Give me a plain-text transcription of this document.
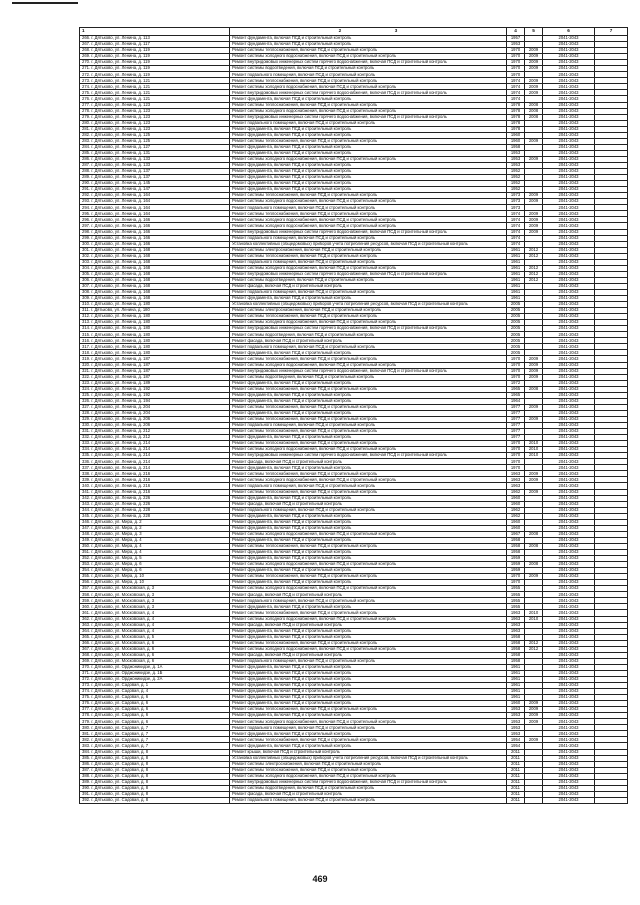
1	2 3	4	5	6	7
266. г. Дятьково, ул. Ленина, д. 113	Ремонт фундамента, включая ПСД и строительный контроль	1957		2041-2043	
267. г. Дятьково, ул. Ленина, д. 117	Ремонт фундамента, включая ПСД и строительный контроль	1953		2041-2043	
268. г. Дятьково, ул. Ленина, д. 119	Ремонт системы теплоснабжения, включая ПСД и строительный контроль	1970	2009	2041-2043	
269. г. Дятьково, ул. Ленина, д. 119	Ремонт системы холодного водоснабжения, включая ПСД и строительный контроль	1970	2009	2041-2043	
270. г. Дятьково, ул. Ленина, д. 119	Ремонт внутридомовых инженерных систем горячего водоснабжения, включая ПСД и строительный контроль	1970	2009	2041-2043	
271. г. Дятьково, ул. Ленина, д. 119	Ремонт системы водоотведения, включая ПСД и строительный контроль	1970	2009	2041-2043	
272. г. Дятьково, ул. Ленина, д. 119	Ремонт подвального помещения, включая ПСД и строительный контроль	1970		2041-2043	
273. г. Дятьково, ул. Ленина, д. 121	Ремонт системы теплоснабжения, включая ПСД и строительный контроль	1974	2009	2041-2043	
274. г. Дятьково, ул. Ленина, д. 121	Ремонт системы холодного водоснабжения, включая ПСД и строительный контроль	1974	2009	2041-2043	
275. г. Дятьково, ул. Ленина, д. 121	Ремонт внутридомовых инженерных систем горячего водоснабжения, включая ПСД и строительный контроль	1974	2009	2041-2043	
276. г. Дятьково, ул. Ленина, д. 121	Ремонт фундамента, включая ПСД и строительный контроль	1974		2041-2043	
277. г. Дятьково, ул. Ленина, д. 123	Ремонт системы теплоснабжения, включая ПСД и строительный контроль	1978	2008	2041-2043	
278. г. Дятьково, ул. Ленина, д. 123	Ремонт системы холодного водоснабжения, включая ПСД и строительный контроль	1978	2008	2041-2043	
279. г. Дятьково, ул. Ленина, д. 123	Ремонт внутридомовых инженерных систем горячего водоснабжения, включая ПСД и строительный контроль	1978	2008	2041-2043	
280. г. Дятьково, ул. Ленина, д. 123	Ремонт подвального помещения, включая ПСД и строительный контроль	1978		2041-2043	
281. г. Дятьково, ул. Ленина, д. 123	Ремонт фундамента, включая ПСД и строительный контроль	1978		2041-2043	
282. г. Дятьково, ул. Ленина, д. 125	Ремонт фундамента, включая ПСД и строительный контроль	1960		2041-2043	
283. г. Дятьково, ул. Ленина, д. 125	Ремонт системы теплоснабжения, включая ПСД и строительный контроль	1960	2009	2041-2043	
284. г. Дятьково, ул. Ленина, д. 127	Ремонт фундамента, включая ПСД и строительный контроль	1958		2041-2043	
285. г. Дятьково, ул. Ленина, д. 131	Ремонт фундамента, включая ПСД и строительный контроль	1953		2041-2043	
286. г. Дятьково, ул. Ленина, д. 133	Ремонт системы холодного водоснабжения, включая ПСД и строительный контроль	1953	2009	2041-2043	
287. г. Дятьково, ул. Ленина, д. 133	Ремонт фундамента, включая ПСД и строительный контроль	1953		2041-2043	
288. г. Дятьково, ул. Ленина, д. 137	Ремонт фундамента, включая ПСД и строительный контроль	1952		2041-2043	
289. г. Дятьково, ул. Ленина, д. 137	Ремонт фундамента, включая ПСД и строительный контроль	1952		2041-2043	
290. г. Дятьково, ул. Ленина, д. 145	Ремонт фундамента, включая ПСД и строительный контроль	1952		2041-2043	
291. г. Дятьково, ул. Ленина, д. 147	Ремонт фундамента, включая ПСД и строительный контроль	1952		2041-2043	
292. г. Дятьково, ул. Ленина, д. 164	Ремонт системы теплоснабжения, включая ПСД и строительный контроль	1973	2009	2041-2043	
293. г. Дятьково, ул. Ленина, д. 164	Ремонт системы холодного водоснабжения, включая ПСД и строительный контроль	1973	2009	2041-2043	
294. г. Дятьково, ул. Ленина, д. 164	Ремонт подвального помещения, включая ПСД и строительный контроль	1973		2041-2043	
295. г. Дятьково, ул. Ленина, д. 164	Ремонт системы теплоснабжения, включая ПСД и строительный контроль	1974	2009	2041-2043	
296. г. Дятьково, ул. Ленина, д. 166	Ремонт системы холодного водоснабжения, включая ПСД и строительный контроль	1974	2009	2041-2043	
297. г. Дятьково, ул. Ленина, д. 166	Ремонт системы холодного водоснабжения, включая ПСД и строительный контроль	1974	2009	2041-2043	
298. г. Дятьково, ул. Ленина, д. 166	Ремонт внутридомовых инженерных систем горячего водоснабжения, включая ПСД и строительный контроль	1974	2009	2041-2043	
299. г. Дятьково, ул. Ленина, д. 166	Ремонт подвального помещения, включая ПСД и строительный контроль	1974		2041-2043	
300. г. Дятьково, ул. Ленина, д. 166	Установка коллективных (общедомовых) приборов учета потребления ресурсов, включая ПСД и строительный контроль	1974		2041-2043	
301. г. Дятьково, ул. Ленина, д. 168	Ремонт системы электроснабжения, включая ПСД и строительный контроль	1961	2012	2041-2043	
302. г. Дятьково, ул. Ленина, д. 168	Ремонт системы теплоснабжения, включая ПСД и строительный контроль	1961	2012	2041-2043	
303. г. Дятьково, ул. Ленина, д. 168	Ремонт подвального помещения, включая ПСД и строительный контроль	1961		2041-2043	
304. г. Дятьково, ул. Ленина, д. 168	Ремонт системы холодного водоснабжения, включая ПСД и строительный контроль	1961	2012	2041-2043	
305. г. Дятьково, ул. Ленина, д. 168	Ремонт внутридомовых инженерных систем горячего водоснабжения, включая ПСД и строительный контроль	1961	2012	2041-2043	
306. г. Дятьково, ул. Ленина, д. 168	Ремонт системы водоотведения, включая ПСД и строительный контроль	1961	2012	2041-2043	
307. г. Дятьково, ул. Ленина, д. 168	Ремонт фасада, включая ПСД и строительный контроль	1961		2041-2043	
308. г. Дятьково, ул. Ленина, д. 168	Ремонт подвального помещения, включая ПСД и строительный контроль	1961		2041-2043	
309. г. Дятьково, ул. Ленина, д. 168	Ремонт фундамента, включая ПСД и строительный контроль	1961		2041-2043	
310. г. Дятьково, ул. Ленина, д. 180	Установка коллективных (общедомовых) приборов учета потребления ресурсов, включая ПСД и строительный контроль	2005		2041-2043	
311. г. Дятьково, ул. Ленина, д. 180	Ремонт системы электроснабжения, включая ПСД и строительный контроль	2005		2041-2043	
312. г. Дятьково, ул. Ленина, д. 180	Ремонт системы теплоснабжения, включая ПСД и строительный контроль	2005		2041-2043	
313. г. Дятьково, ул. Ленина, д. 180	Ремонт системы холодного водоснабжения, включая ПСД и строительный контроль	2005		2041-2043	
314. г. Дятьково, ул. Ленина, д. 180	Ремонт внутридомовых инженерных систем горячего водоснабжения, включая ПСД и строительный контроль	2005		2041-2043	
315. г. Дятьково, ул. Ленина, д. 180	Ремонт системы водоотведения, включая ПСД и строительный контроль	2005		2041-2043	
316. г. Дятьково, ул. Ленина, д. 180	Ремонт фасада, включая ПСД и строительный контроль	2005		2041-2043	
317. г. Дятьково, ул. Ленина, д. 180	Ремонт подвального помещения, включая ПСД и строительный контроль	2005		2041-2043	
318. г. Дятьково, ул. Ленина, д. 180	Ремонт фундамента, включая ПСД и строительный контроль	2005		2041-2043	
319. г. Дятьково, ул. Ленина, д. 187	Ремонт системы теплоснабжения, включая ПСД и строительный контроль	1970	2009	2041-2043	
320. г. Дятьково, ул. Ленина, д. 187	Ремонт системы холодного водоснабжения, включая ПСД и строительный контроль	1970	2009	2041-2043	
321. г. Дятьково, ул. Ленина, д. 187	Ремонт внутридомовых инженерных систем горячего водоснабжения, включая ПСД и строительный контроль	1970	2009	2041-2043	
322. г. Дятьково, ул. Ленина, д. 187	Ремонт системы водоотведения, включая ПСД и строительный контроль	1970	2009	2041-2043	
323. г. Дятьково, ул. Ленина, д. 189	Ремонт фундамента, включая ПСД и строительный контроль	1972		2041-2043	
324. г. Дятьково, ул. Ленина, д. 192	Ремонт системы теплоснабжения, включая ПСД и строительный контроль	1965	2008	2041-2043	
325. г. Дятьково, ул. Ленина, д. 192	Ремонт фундамента, включая ПСД и строительный контроль	1965		2041-2043	
326. г. Дятьково, ул. Ленина, д. 194	Ремонт фундамента, включая ПСД и строительный контроль	1964		2041-2043	
327. г. Дятьково, ул. Ленина, д. 204	Ремонт системы теплоснабжения, включая ПСД и строительный контроль	1977	2009	2041-2043	
328. г. Дятьково, ул. Ленина, д. 204	Ремонт фундамента, включая ПСД и строительный контроль	1977		2041-2043	
329. г. Дятьково, ул. Ленина, д. 206	Ремонт системы теплоснабжения, включая ПСД и строительный контроль	1977	2009	2041-2043	
330. г. Дятьково, ул. Ленина, д. 206	Ремонт подвального помещения, включая ПСД и строительный контроль	1977		2041-2043	
331. г. Дятьково, ул. Ленина, д. 212	Ремонт системы теплоснабжения, включая ПСД и строительный контроль	1977		2041-2043	
332. г. Дятьково, ул. Ленина, д. 212	Ремонт фундамента, включая ПСД и строительный контроль	1977		2041-2043	
333. г. Дятьково, ул. Ленина, д. 214	Ремонт системы теплоснабжения, включая ПСД и строительный контроль	1970	2010	2041-2043	
334. г. Дятьково, ул. Ленина, д. 214	Ремонт системы холодного водоснабжения, включая ПСД и строительный контроль	1970	2010	2041-2043	
335. г. Дятьково, ул. Ленина, д. 214	Ремонт внутридомовых инженерных систем горячего водоснабжения, включая ПСД и строительный контроль	1970	2010	2041-2043	
336. г. Дятьково, ул. Ленина, д. 214	Ремонт фасада, включая ПСД и строительный контроль	1970		2041-2043	
337. г. Дятьково, ул. Ленина, д. 214	Ремонт фундамента, включая ПСД и строительный контроль	1970		2041-2043	
338. г. Дятьково, ул. Ленина, д. 216	Ремонт системы теплоснабжения, включая ПСД и строительный контроль	1963	2009	2041-2043	
339. г. Дятьково, ул. Ленина, д. 216	Ремонт системы холодного водоснабжения, включая ПСД и строительный контроль	1963	2009	2041-2043	
340. г. Дятьково, ул. Ленина, д. 216	Ремонт подвального помещения, включая ПСД и строительный контроль	1963		2041-2043	
341. г. Дятьково, ул. Ленина, д. 216	Ремонт системы теплоснабжения, включая ПСД и строительный контроль	1962	2009	2041-2043	
342. г. Дятьково, ул. Ленина, д. 226	Ремонт фундамента, включая ПСД и строительный контроль	1960		2041-2043	
343. г. Дятьково, ул. Ленина, д. 226	Ремонт фасада, включая ПСД и строительный контроль	1960		2041-2043	
344. г. Дятьково, ул. Ленина, д. 228	Ремонт подвального помещения, включая ПСД и строительный контроль	1962		2041-2043	
345. г. Дятьково, ул. Ленина, д. 228	Ремонт фундамента, включая ПСД и строительный контроль	1962		2041-2043	
346. г. Дятьково, ул. Мира, д. 2	Ремонт фундамента, включая ПСД и строительный контроль	1960		2041-2043	
347. г. Дятьково, ул. Мира, д. 2	Ремонт фундамента, включая ПСД и строительный контроль	1960		2041-2043	
348. г. Дятьково, ул. Мира, д. 3	Ремонт системы холодного водоснабжения, включая ПСД и строительный контроль	1967	2008	2041-2043	
349. г. Дятьково, ул. Мира, д. 4	Ремонт фундамента, включая ПСД и строительный контроль	1958		2041-2043	
350. г. Дятьково, ул. Мира, д. 4	Ремонт системы теплоснабжения, включая ПСД и строительный контроль	1958	2008	2041-2043	
351. г. Дятьково, ул. Мира, д. 4	Ремонт фундамента, включая ПСД и строительный контроль	1958		2041-2043	
352. г. Дятьково, ул. Мира, д. 5	Ремонт фундамента, включая ПСД и строительный контроль	1959		2041-2043	
353. г. Дятьково, ул. Мира, д. 6	Ремонт системы холодного водоснабжения, включая ПСД и строительный контроль	1959	2008	2041-2043	
354. г. Дятьково, ул. Мира, д. 6	Ремонт фундамента, включая ПСД и строительный контроль	1959		2041-2043	
355. г. Дятьково, ул. Мира, д. 10	Ремонт системы теплоснабжения, включая ПСД и строительный контроль	1970	2009	2041-2043	
356. г. Дятьково, ул. Мира, д. 10	Ремонт фундамента, включая ПСД и строительный контроль	1970		2041-2043	
357. г. Дятьково, ул. Московская, д. 3	Ремонт системы холодного водоснабжения, включая ПСД и строительный контроль	1955		2041-2043	
358. г. Дятьково, ул. Московская, д. 3	Ремонт фасада, включая ПСД и строительный контроль	1955		2041-2043	
359. г. Дятьково, ул. Московская, д. 3	Ремонт подвального помещения, включая ПСД и строительный контроль	1955		2041-2043	
360. г. Дятьково, ул. Московская, д. 3	Ремонт фундамента, включая ПСД и строительный контроль	1955		2041-2043	
361. г. Дятьково, ул. Московская, д. 4	Ремонт системы теплоснабжения, включая ПСД и строительный контроль	1963	2010	2041-2043	
362. г. Дятьково, ул. Московская, д. 4	Ремонт системы холодного водоснабжения, включая ПСД и строительный контроль	1963	2010	2041-2043	
363. г. Дятьково, ул. Московская, д. 4	Ремонт фасада, включая ПСД и строительный контроль	1963		2041-2043	
364. г. Дятьково, ул. Московская, д. 4	Ремонт фундамента, включая ПСД и строительный контроль	1963		2041-2043	
365. г. Дятьково, ул. Московская, д. 5	Ремонт фундамента, включая ПСД и строительный контроль	1958		2041-2043	
366. г. Дятьково, ул. Московская, д. 6	Ремонт системы теплоснабжения, включая ПСД и строительный контроль	1958	2012	2041-2043	
367. г. Дятьково, ул. Московская, д. 6	Ремонт системы холодного водоснабжения, включая ПСД и строительный контроль	1958	2012	2041-2043	
368. г. Дятьково, ул. Московская, д. 6	Ремонт фасада, включая ПСД и строительный контроль	1958		2041-2043	
369. г. Дятьково, ул. Московская, д. 6	Ремонт подвального помещения, включая ПСД и строительный контроль	1958		2041-2043	
370. г. Дятьково, ул. Орджоникидзе, д. 1А	Ремонт фундамента, включая ПСД и строительный контроль	1961		2041-2043	
371. г. Дятьково, ул. Орджоникидзе, д. 1Б	Ремонт фундамента, включая ПСД и строительный контроль	1961		2041-2043	
372. г. Дятьково, ул. Орджоникидзе, д. 2А	Ремонт фундамента, включая ПСД и строительный контроль	1961		2041-2043	
373. г. Дятьково, ул. Садовая, д. 1	Ремонт фундамента, включая ПСД и строительный контроль	1961		2041-2043	
374. г. Дятьково, ул. Садовая, д. 4	Ремонт фундамента, включая ПСД и строительный контроль	1961		2041-2043	
375. г. Дятьково, ул. Садовая, д. 6	Ремонт фундамента, включая ПСД и строительный контроль	1961		2041-2043	
376. г. Дятьково, ул. Садовая, д. 6	Ремонт фундамента, включая ПСД и строительный контроль	1960	2009	2041-2043	
377. г. Дятьково, ул. Садовая, д. 6	Ремонт системы теплоснабжения, включая ПСД и строительный контроль	1953	2009	2041-2043	
378. г. Дятьково, ул. Садовая, д. 6	Ремонт фундамента, включая ПСД и строительный контроль	1953	2009	2041-2043	
379. г. Дятьково, ул. Садовая, д. 6	Ремонт системы холодного водоснабжения, включая ПСД и строительный контроль	1953	2009	2041-2043	
380. г. Дятьково, ул. Садовая, д. 7	Ремонт подвального помещения, включая ПСД и строительный контроль	1953		2041-2043	
381. г. Дятьково, ул. Садовая, д. 7	Ремонт фундамента, включая ПСД и строительный контроль	1953		2041-2043	
382. г. Дятьково, ул. Садовая, д. 7	Ремонт системы теплоснабжения, включая ПСД и строительный контроль	1954	2009	2041-2043	
383. г. Дятьково, ул. Садовая, д. 7	Ремонт фундамента, включая ПСД и строительный контроль	1954		2041-2043	
384. г. Дятьково, ул. Садовая, д. 8	Ремонт крыши, включая ПСД и строительный контроль	2011		2041-2043	
385. г. Дятьково, ул. Садовая, д. 8	Установка коллективных (общедомовых) приборов учета потребления ресурсов, включая ПСД и строительный контроль	2011		2041-2043	
386. г. Дятьково, ул. Садовая, д. 8	Ремонт системы электроснабжения, включая ПСД и строительный контроль	2011		2041-2043	
387. г. Дятьково, ул. Садовая, д. 8	Ремонт системы теплоснабжения, включая ПСД и строительный контроль	2011		2041-2043	
388. г. Дятьково, ул. Садовая, д. 8	Ремонт системы холодного водоснабжения, включая ПСД и строительный контроль	2011		2041-2043	
389. г. Дятьково, ул. Садовая, д. 8	Ремонт внутридомовых инженерных систем горячего водоснабжения, включая ПСД и строительный контроль	2011		2041-2043	
390. г. Дятьково, ул. Садовая, д. 8	Ремонт системы водоотведения, включая ПСД и строительный контроль	2011		2041-2043	
391. г. Дятьково, ул. Садовая, д. 8	Ремонт фасада, включая ПСД и строительный контроль	2011		2041-2043	
392. г. Дятьково, ул. Садовая, д. 8	Ремонт подвального помещения, включая ПСД и строительный контроль	2011		2041-2043	
469
